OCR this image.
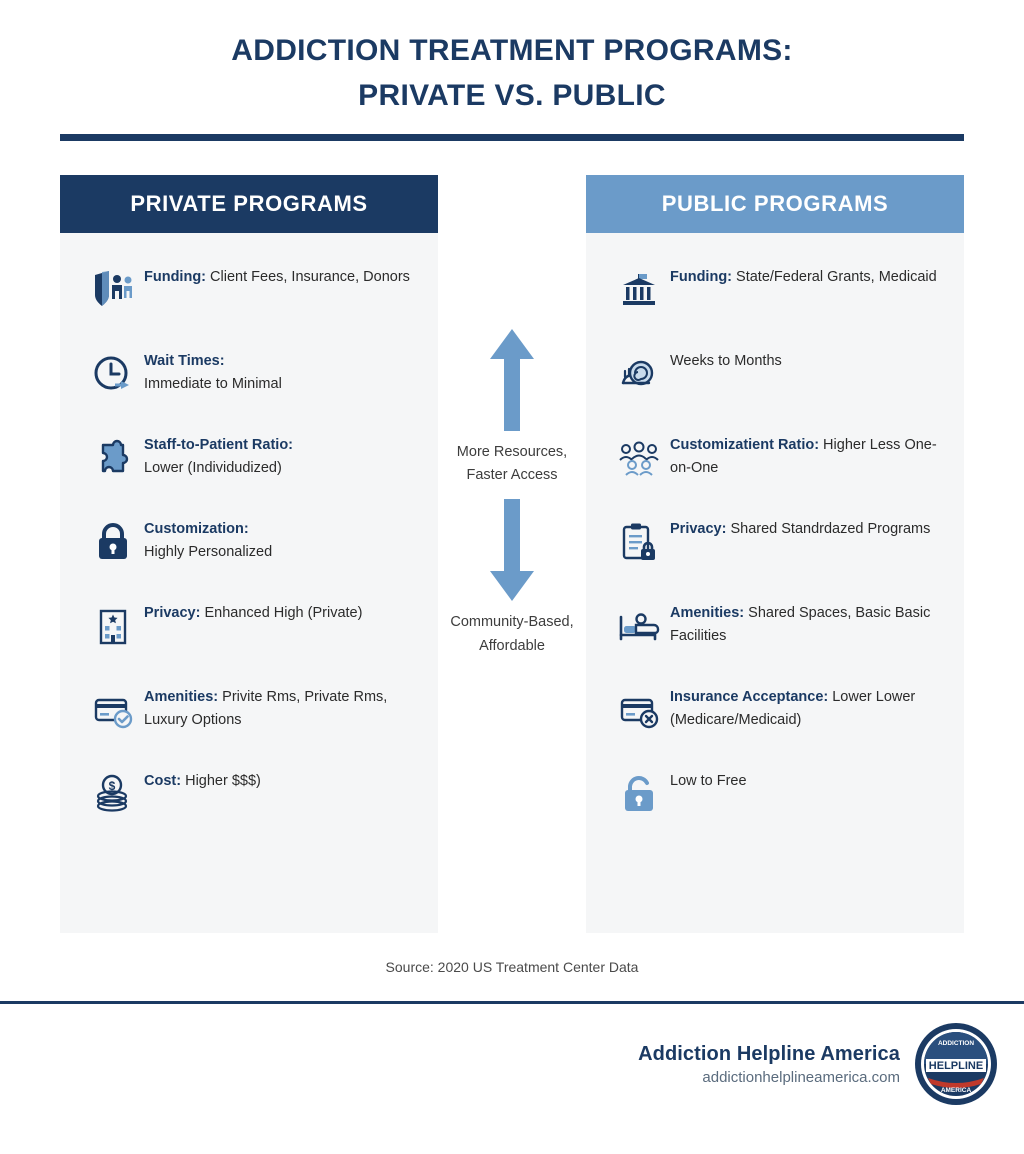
ADDICTION TREATMENT PROGRAMS:
PRIVATE VS. PUBLIC
PRIVATE PROGRAMS
Funding: Client Fees, Insurance, Donors
Wait Times:
Immediate to Minimal
Staff-to-Patient Ratio:
Lower (Individudized)
Customization:
Highly Personalized
Privacy: Enhanced High (Private)
Amenities: Privite Rms, Private Rms, Luxury Options
$ Cost: Higher $$$)
More Resources,
Faster Access
Community-Based,
Affordable
PUBLIC PROGRAMS
Funding: State/Federal Grants, Medicaid
Weeks to Months
Customizatient Ratio: Higher Less One-on-One
Privacy: Shared Standrdazed Programs
Amenities: Shared Spaces, Basic Basic Facilities
Insurance Acceptance: Lower Lower (Medicare/Medicaid)
Low to Free
Source: 2020 US Treatment Center Data
Addiction Helpline America
addictionhelplineamerica.com
HELPLINE
ADDICTION
AMERICA
